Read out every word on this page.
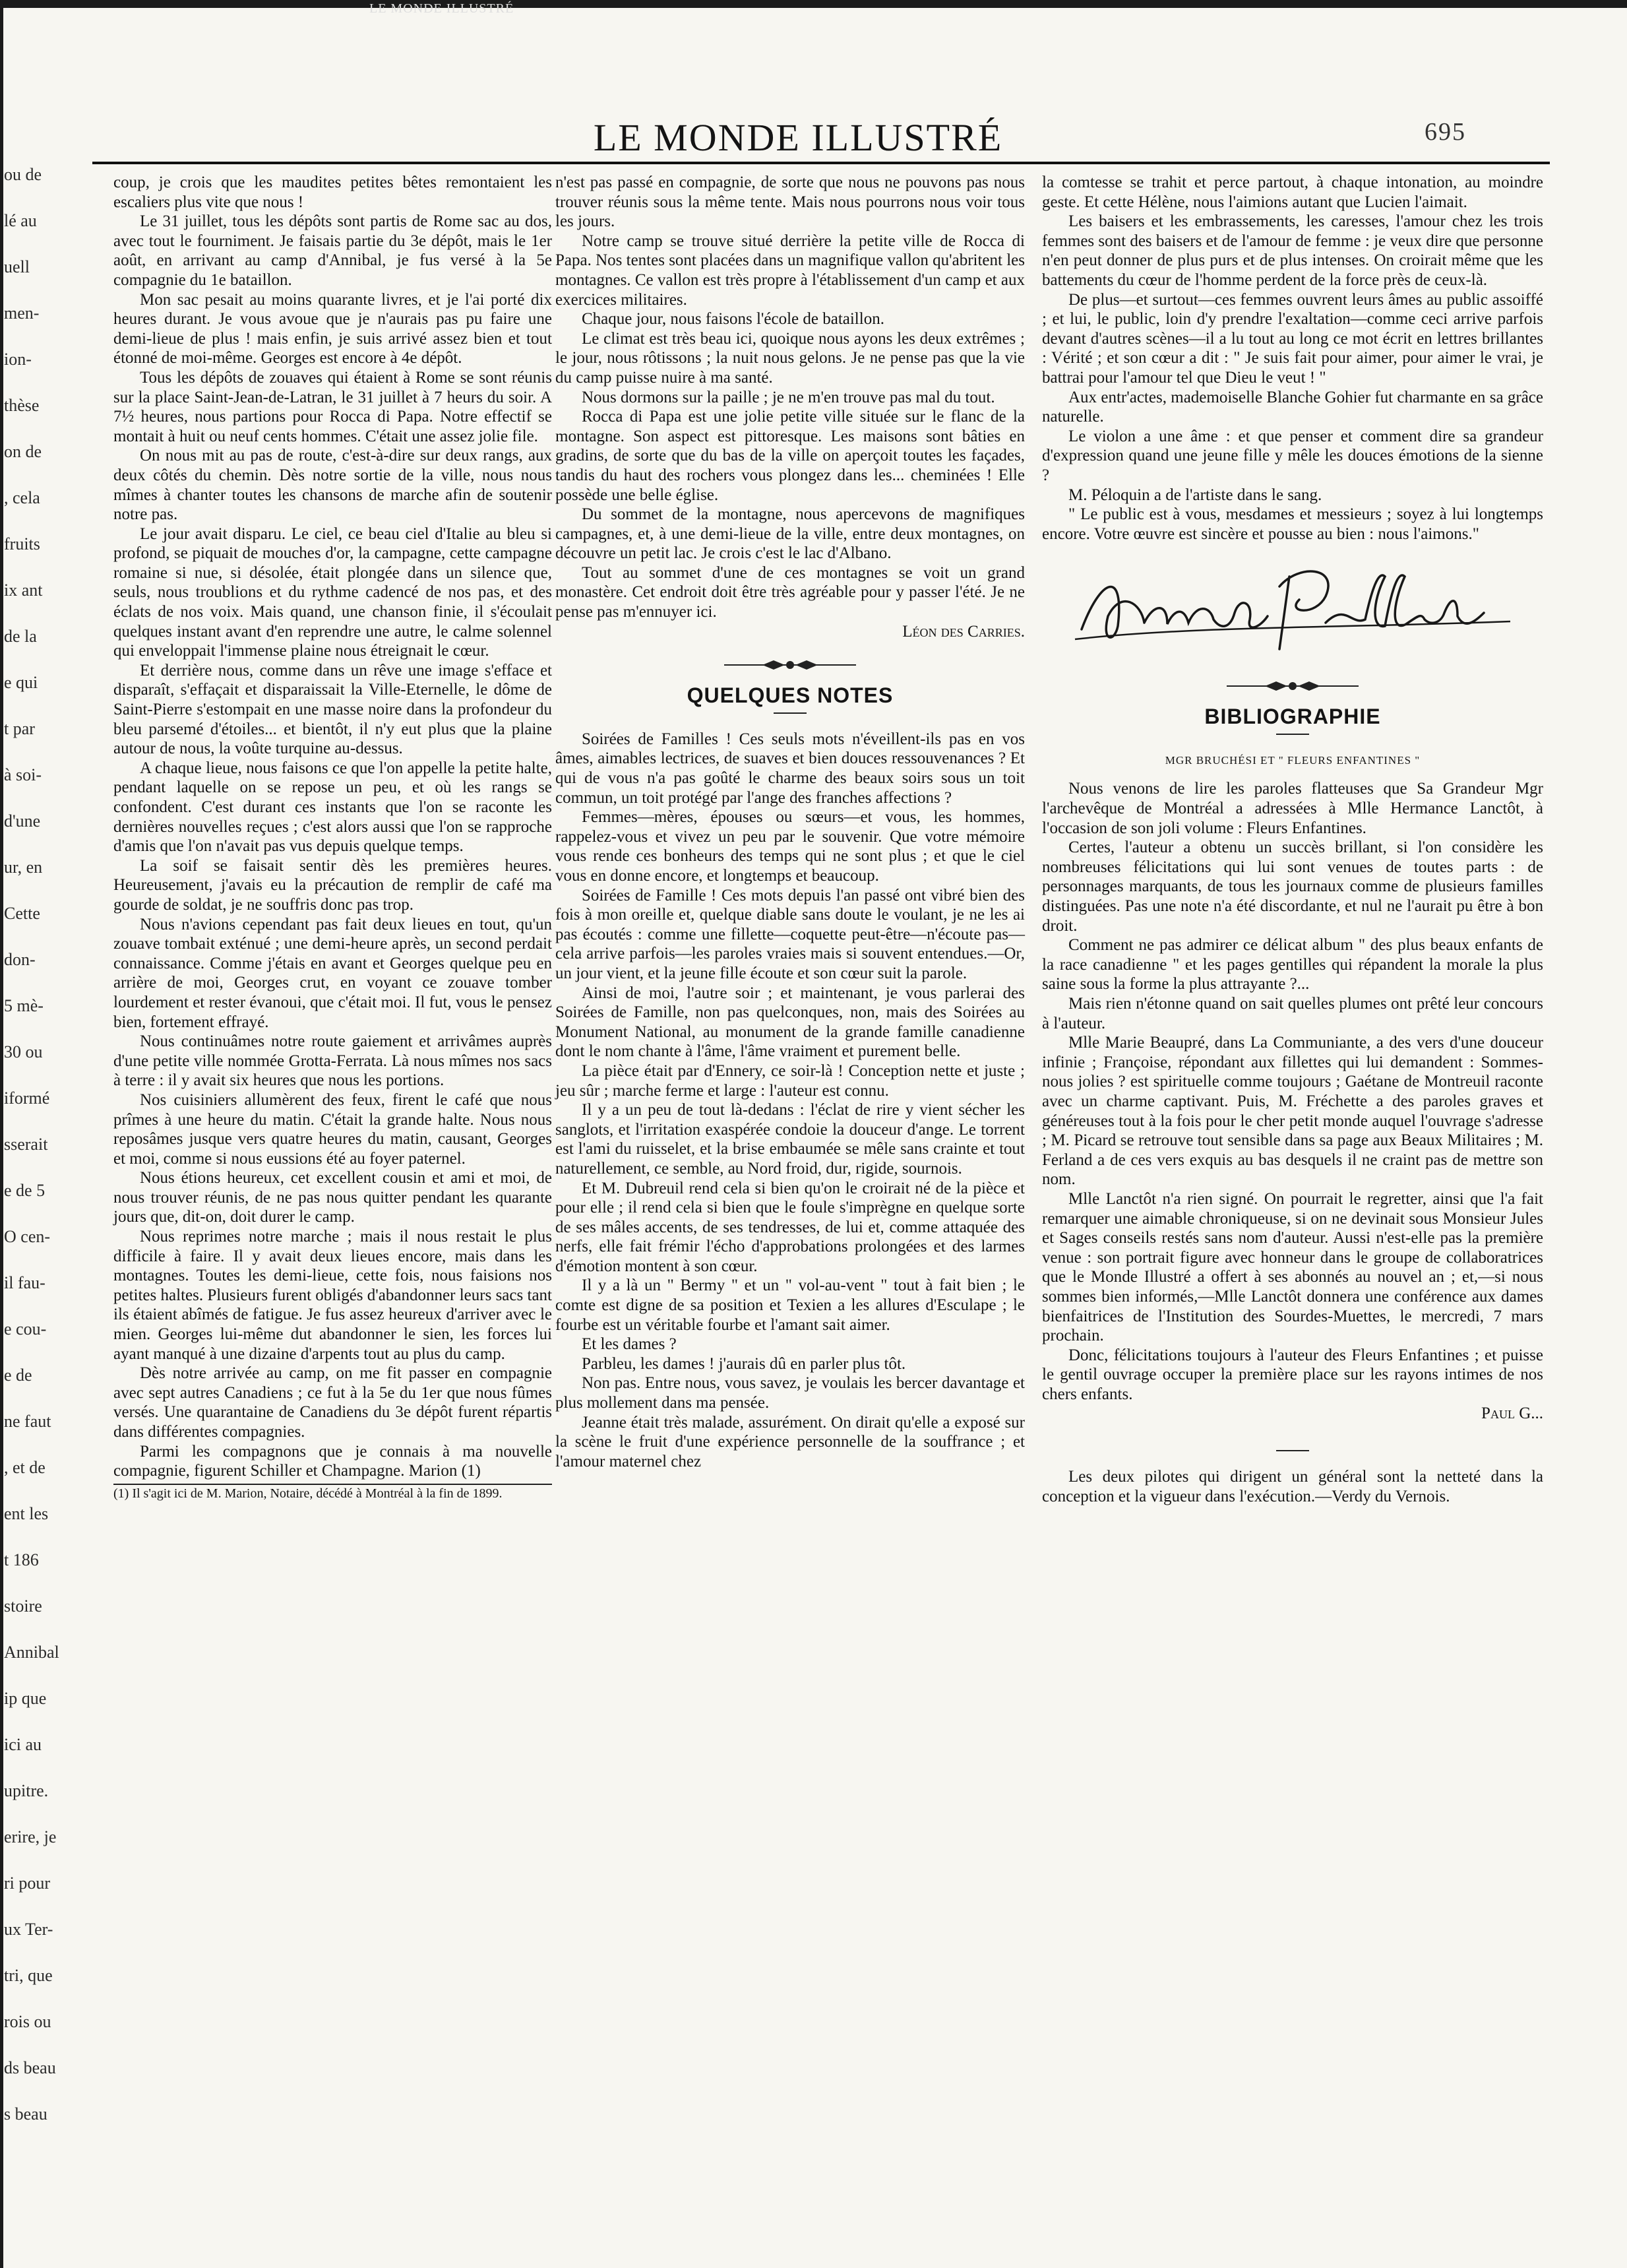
LE MONDE ILLUSTRÉ
ou de
lé au
uell
men-
ion-
thèse
on de
, cela
fruits
ix ant
de la
e qui
t par
à soi-
d'une
ur, en
Cette
don-
5 mè-
30 ou
iformé
sserait
e de 5
O cen-
il fau-
e cou-
e de
ne faut
, et de
ent les
t 186
stoire
Annibal
ip que
ici au
upitre.
erire, je
ri pour
ux Ter-
tri, que
rois ou
ds beau
s beau
LE MONDE ILLUSTRÉ	695

coup, je crois que les maudites petites bêtes remontaient les escaliers plus vite que nous !

Le 31 juillet, tous les dépôts sont partis de Rome sac au dos, avec tout le fourniment. Je faisais partie du 3e dépôt, mais le 1er août, en arrivant au camp d'Annibal, je fus versé à la 5e compagnie du 1e bataillon.

Mon sac pesait au moins quarante livres, et je l'ai porté dix heures durant. Je vous avoue que je n'aurais pas pu faire une demi-lieue de plus ! mais enfin, je suis arrivé assez bien et tout étonné de moi-même. Georges est encore à 4e dépôt.

Tous les dépôts de zouaves qui étaient à Rome se sont réunis sur la place Saint-Jean-de-Latran, le 31 juillet à 7 heurs du soir. A 7½ heures, nous partions pour Rocca di Papa. Notre effectif se montait à huit ou neuf cents hommes. C'était une assez jolie file.

On nous mit au pas de route, c'est-à-dire sur deux rangs, aux deux côtés du chemin. Dès notre sortie de la ville, nous nous mîmes à chanter toutes les chansons de marche afin de soutenir notre pas.

Le jour avait disparu. Le ciel, ce beau ciel d'Italie au bleu si profond, se piquait de mouches d'or, la campagne, cette campagne romaine si nue, si désolée, était plongée dans un silence que, seuls, nous troublions et du rythme cadencé de nos pas, et des éclats de nos voix. Mais quand, une chanson finie, il s'écoulait quelques instant avant d'en reprendre une autre, le calme solennel qui enveloppait l'immense plaine nous étreignait le cœur.

Et derrière nous, comme dans un rêve une image s'efface et disparaît, s'effaçait et disparaissait la Ville-Eternelle, le dôme de Saint-Pierre s'estompait en une masse noire dans la profondeur du bleu parsemé d'étoiles... et bientôt, il n'y eut plus que la plaine autour de nous, la voûte turquine au-dessus.

A chaque lieue, nous faisons ce que l'on appelle la petite halte, pendant laquelle on se repose un peu, et où les rangs se confondent. C'est durant ces instants que l'on se raconte les dernières nouvelles reçues ; c'est alors aussi que l'on se rapproche d'amis que l'on n'avait pas vus depuis quelque temps.

La soif se faisait sentir dès les premières heures. Heureusement, j'avais eu la précaution de remplir de café ma gourde de soldat, je ne souffris donc pas trop.

Nous n'avions cependant pas fait deux lieues en tout, qu'un zouave tombait exténué ; une demi-heure après, un second perdait connaissance. Comme j'étais en avant et Georges quelque peu en arrière de moi, Georges crut, en voyant ce zouave tomber lourdement et rester évanoui, que c'était moi. Il fut, vous le pensez bien, fortement effrayé.

Nous continuâmes notre route gaiement et arrivâmes auprès d'une petite ville nommée Grotta-Ferrata. Là nous mîmes nos sacs à terre : il y avait six heures que nous les portions.

Nos cuisiniers allumèrent des feux, firent le café que nous prîmes à une heure du matin. C'était la grande halte. Nous nous reposâmes jusque vers quatre heures du matin, causant, Georges et moi, comme si nous eussions été au foyer paternel.

Nous étions heureux, cet excellent cousin et ami et moi, de nous trouver réunis, de ne pas nous quitter pendant les quarante jours que, dit-on, doit durer le camp.

Nous reprimes notre marche ; mais il nous restait le plus difficile à faire. Il y avait deux lieues encore, mais dans les montagnes. Toutes les demi-lieue, cette fois, nous faisions nos petites haltes. Plusieurs furent obligés d'abandonner leurs sacs tant ils étaient abîmés de fatigue. Je fus assez heureux d'arriver avec le mien. Georges lui-même dut abandonner le sien, les forces lui ayant manqué à une dizaine d'arpents tout au plus du camp.

Dès notre arrivée au camp, on me fit passer en compagnie avec sept autres Canadiens ; ce fut à la 5e du 1er que nous fûmes versés. Une quarantaine de Canadiens du 3e dépôt furent répartis dans différentes compagnies.

Parmi les compagnons que je connais à ma nouvelle compagnie, figurent Schiller et Champagne. Marion (1)

(1) Il s'agit ici de M. Marion, Notaire, décédé à Montréal à la fin de 1899.

n'est pas passé en compagnie, de sorte que nous ne pouvons pas nous trouver réunis sous la même tente. Mais nous pourrons nous voir tous les jours.

Notre camp se trouve situé derrière la petite ville de Rocca di Papa. Nos tentes sont placées dans un magnifique vallon qu'abritent les montagnes. Ce vallon est très propre à l'établissement d'un camp et aux exercices militaires.

Chaque jour, nous faisons l'école de bataillon.

Le climat est très beau ici, quoique nous ayons les deux extrêmes ; le jour, nous rôtissons ; la nuit nous gelons. Je ne pense pas que la vie du camp puisse nuire à ma santé.

Nous dormons sur la paille ; je ne m'en trouve pas mal du tout.

Rocca di Papa est une jolie petite ville située sur le flanc de la montagne. Son aspect est pittoresque. Les maisons sont bâties en gradins, de sorte que du bas de la ville on aperçoit toutes les façades, tandis du haut des rochers vous plongez dans les... cheminées ! Elle possède une belle église.

Du sommet de la montagne, nous apercevons de magnifiques campagnes, et, à une demi-lieue de la ville, entre deux montagnes, on découvre un petit lac. Je crois c'est le lac d'Albano.

Tout au sommet d'une de ces montagnes se voit un grand monastère. Cet endroit doit être très agréable pour y passer l'été. Je ne pense pas m'ennuyer ici.

Léon des Carries.

QUELQUES NOTES

Soirées de Familles ! Ces seuls mots n'éveillent-ils pas en vos âmes, aimables lectrices, de suaves et bien douces ressouvenances ? Et qui de vous n'a pas goûté le charme des beaux soirs sous un toit commun, un toit protégé par l'ange des franches affections ?

Femmes—mères, épouses ou sœurs—et vous, les hommes, rappelez-vous et vivez un peu par le souvenir. Que votre mémoire vous rende ces bonheurs des temps qui ne sont plus ; et que le ciel vous en donne encore, et longtemps et beaucoup.

Soirées de Famille ! Ces mots depuis l'an passé ont vibré bien des fois à mon oreille et, quelque diable sans doute le voulant, je ne les ai pas écoutés : comme une fillette—coquette peut-être—n'écoute pas—cela arrive parfois—les paroles vraies mais si souvent entendues.—Or, un jour vient, et la jeune fille écoute et son cœur suit la parole.

Ainsi de moi, l'autre soir ; et maintenant, je vous parlerai des Soirées de Famille, non pas quelconques, non, mais des Soirées au Monument National, au monument de la grande famille canadienne dont le nom chante à l'âme, l'âme vraiment et purement belle.

La pièce était par d'Ennery, ce soir-là ! Conception nette et juste ; jeu sûr ; marche ferme et large : l'auteur est connu.

Il y a un peu de tout là-dedans : l'éclat de rire y vient sécher les sanglots, et l'irritation exaspérée condoie la douceur d'ange. Le torrent est l'ami du ruisselet, et la brise embaumée se mêle sans crainte et tout naturellement, ce semble, au Nord froid, dur, rigide, sournois.

Et M. Dubreuil rend cela si bien qu'on le croirait né de la pièce et pour elle ; il rend cela si bien que le foule s'imprègne en quelque sorte de ses mâles accents, de ses tendresses, de lui et, comme attaquée des nerfs, elle fait frémir l'écho d'approbations prolongées et des larmes d'émotion montent à son cœur.

Il y a là un " Bermy " et un " vol-au-vent " tout à fait bien ; le comte est digne de sa position et Texien a les allures d'Esculape ; le fourbe est un véritable fourbe et l'amant sait aimer.

Et les dames ?

Parbleu, les dames ! j'aurais dû en parler plus tôt.

Non pas. Entre nous, vous savez, je voulais les bercer davantage et plus mollement dans ma pensée.

Jeanne était très malade, assurément. On dirait qu'elle a exposé sur la scène le fruit d'une expérience personnelle de la souffrance ; et l'amour maternel chez

la comtesse se trahit et perce partout, à chaque intonation, au moindre geste. Et cette Hélène, nous l'aimions autant que Lucien l'aimait.

Les baisers et les embrassements, les caresses, l'amour chez les trois femmes sont des baisers et de l'amour de femme : je veux dire que personne n'en peut donner de plus purs et de plus intenses. On croirait même que les battements du cœur de l'homme perdent de la force près de ceux-là.

De plus—et surtout—ces femmes ouvrent leurs âmes au public assoiffé ; et lui, le public, loin d'y prendre l'exaltation—comme ceci arrive parfois devant d'autres scènes—il a lu tout au long ce mot écrit en lettres brillantes : Vérité ; et son cœur a dit : " Je suis fait pour aimer, pour aimer le vrai, je battrai pour l'amour tel que Dieu le veut ! "

Aux entr'actes, mademoiselle Blanche Gohier fut charmante en sa grâce naturelle.

Le violon a une âme : et que penser et comment dire sa grandeur d'expression quand une jeune fille y mêle les douces émotions de la sienne ?

M. Péloquin a de l'artiste dans le sang.

" Le public est à vous, mesdames et messieurs ; soyez à lui longtemps encore. Votre œuvre est sincère et pousse au bien : nous l'aimons."

BIBLIOGRAPHIE
MGR BRUCHÉSI ET " FLEURS ENFANTINES "

Nous venons de lire les paroles flatteuses que Sa Grandeur Mgr l'archevêque de Montréal a adressées à Mlle Hermance Lanctôt, à l'occasion de son joli volume : Fleurs Enfantines.

Certes, l'auteur a obtenu un succès brillant, si l'on considère les nombreuses félicitations qui lui sont venues de toutes parts : de personnages marquants, de tous les journaux comme de plusieurs familles distinguées. Pas une note n'a été discordante, et nul ne l'aurait pu être à bon droit.

Comment ne pas admirer ce délicat album " des plus beaux enfants de la race canadienne " et les pages gentilles qui répandent la morale la plus saine sous la forme la plus attrayante ?...

Mais rien n'étonne quand on sait quelles plumes ont prêté leur concours à l'auteur.

Mlle Marie Beaupré, dans La Communiante, a des vers d'une douceur infinie ; Françoise, répondant aux fillettes qui lui demandent : Sommes-nous jolies ? est spirituelle comme toujours ; Gaétane de Montreuil raconte avec un charme captivant. Puis, M. Fréchette a des paroles graves et généreuses tout à la fois pour le cher petit monde auquel l'ouvrage s'adresse ; M. Picard se retrouve tout sensible dans sa page aux Beaux Militaires ; M. Ferland a de ces vers exquis au bas desquels il ne craint pas de mettre son nom.

Mlle Lanctôt n'a rien signé. On pourrait le regretter, ainsi que l'a fait remarquer une aimable chroniqueuse, si on ne devinait sous Monsieur Jules et Sages conseils restés sans nom d'auteur. Aussi n'est-elle pas la première venue : son portrait figure avec honneur dans le groupe de collaboratrices que le Monde Illustré a offert à ses abonnés au nouvel an ; et,—si nous sommes bien informés,—Mlle Lanctôt donnera une conférence aux dames bienfaitrices de l'Institution des Sourdes-Muettes, le mercredi, 7 mars prochain.

Donc, félicitations toujours à l'auteur des Fleurs Enfantines ; et puisse le gentil ouvrage occuper la première place sur les rayons intimes de nos chers enfants.

Paul G...

Les deux pilotes qui dirigent un général sont la netteté dans la conception et la vigueur dans l'exécution.—Verdy du Vernois.
